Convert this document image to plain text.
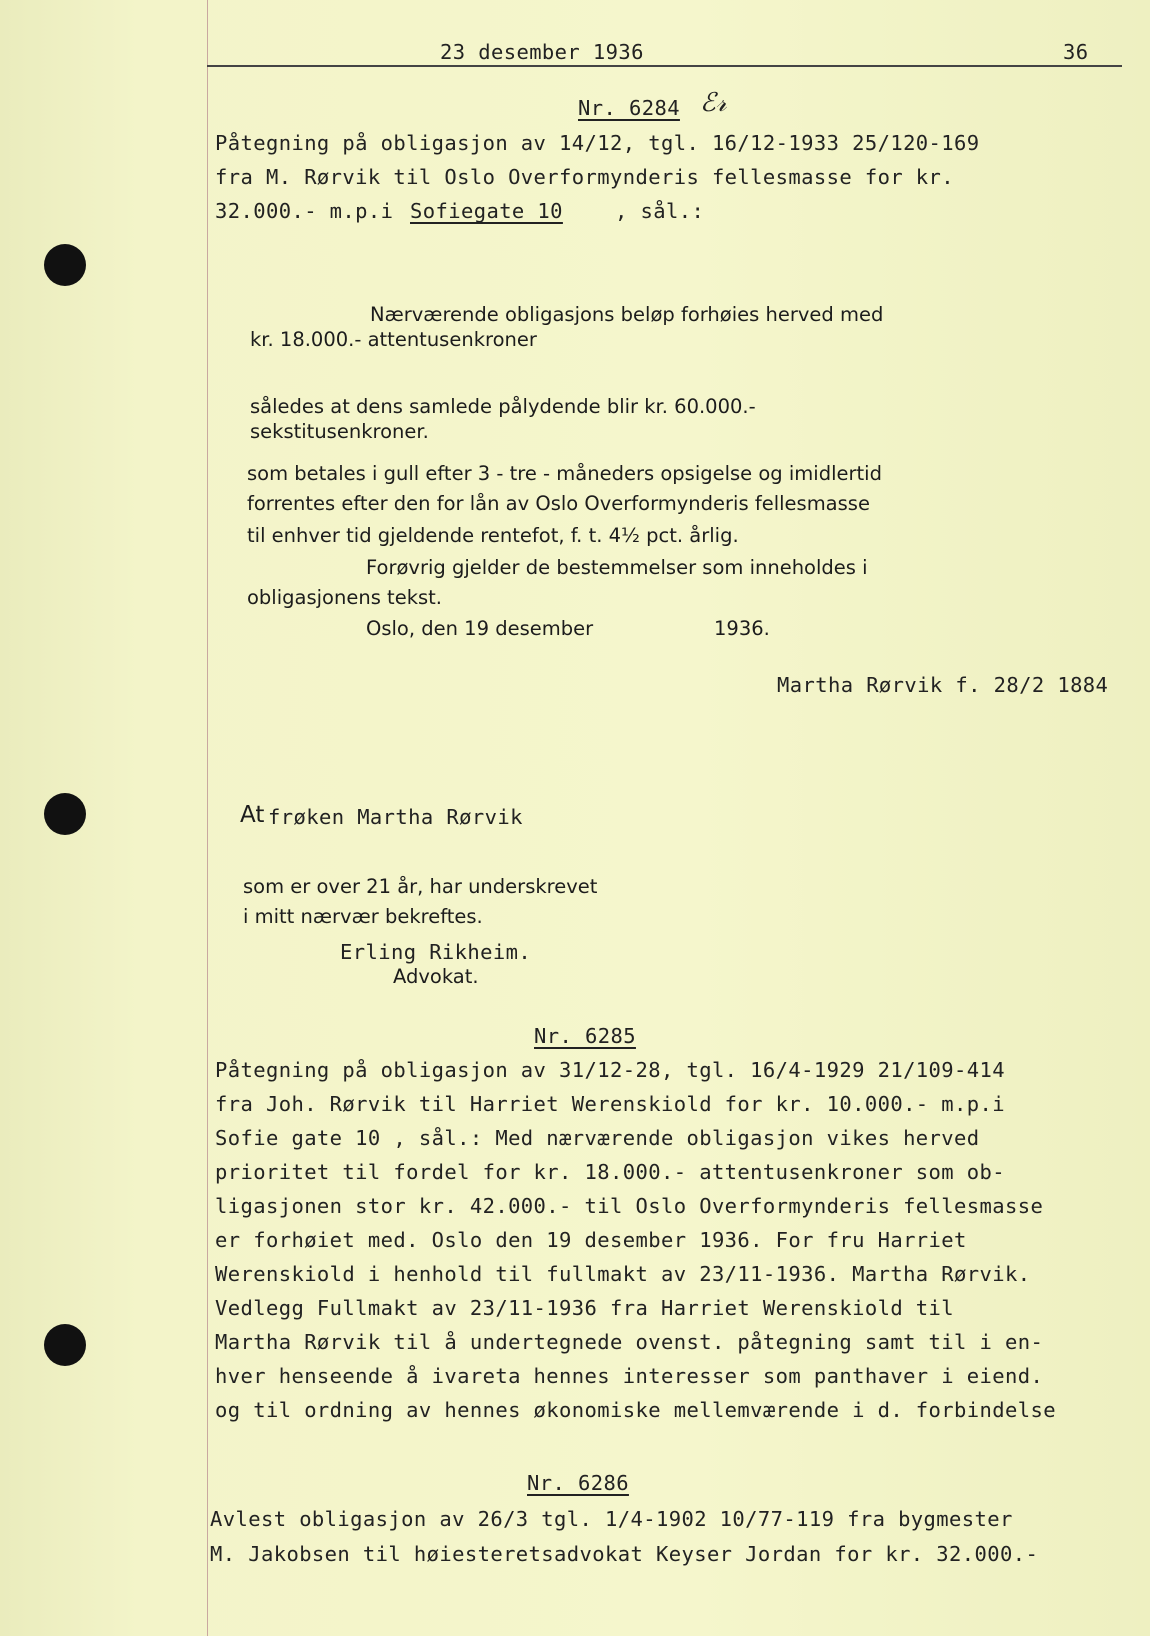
23 desember 1936	36
Nr. 6284 ℰ𝓇
Påtegning på obligasjon av 14/12, tgl. 16/12-1933 25/120-169
fra M. Rørvik til Oslo Overformynderis fellesmasse for kr.
32.000.- m.p.i Sofiegate 10	, sål.:
Nærværende obligasjons beløp forhøies herved med
kr. 18.000.- attentusenkroner
således at dens samlede pålydende blir kr. 60.000.-
sekstitusenkroner.
som betales i gull efter 3 - tre - måneders opsigelse og imidlertid
forrentes efter den for lån av Oslo Overformynderis fellesmasse
til enhver tid gjeldende rentefot, f. t. 4½ pct. årlig.
Forøvrig gjelder de bestemmelser som inneholdes i
obligasjonens tekst.
Oslo, den 19 desember	1936.
Martha Rørvik f. 28/2 1884
At frøken Martha Rørvik
som er over 21 år, har underskrevet
i mitt nærvær bekreftes.
Erling Rikheim.
Advokat.
Nr. 6285
Påtegning på obligasjon av 31/12-28, tgl. 16/4-1929 21/109-414
fra Joh. Rørvik til Harriet Werenskiold for kr. 10.000.- m.p.i
Sofie gate 10 , sål.: Med nærværende obligasjon vikes herved
prioritet til fordel for kr. 18.000.- attentusenkroner som ob-
ligasjonen stor kr. 42.000.- til Oslo Overformynderis fellesmasse
er forhøiet med. Oslo den 19 desember 1936. For fru Harriet
Werenskiold i henhold til fullmakt av 23/11-1936. Martha Rørvik.
Vedlegg Fullmakt av 23/11-1936 fra Harriet Werenskiold til
Martha Rørvik til å undertegnede ovenst. påtegning samt til i en-
hver henseende å ivareta hennes interesser som panthaver i eiend.
og til ordning av hennes økonomiske mellemværende i d. forbindelse
Nr. 6286
Avlest obligasjon av 26/3 tgl. 1/4-1902 10/77-119 fra bygmester
M. Jakobsen til høiesteretsadvokat Keyser Jordan for kr. 32.000.-
